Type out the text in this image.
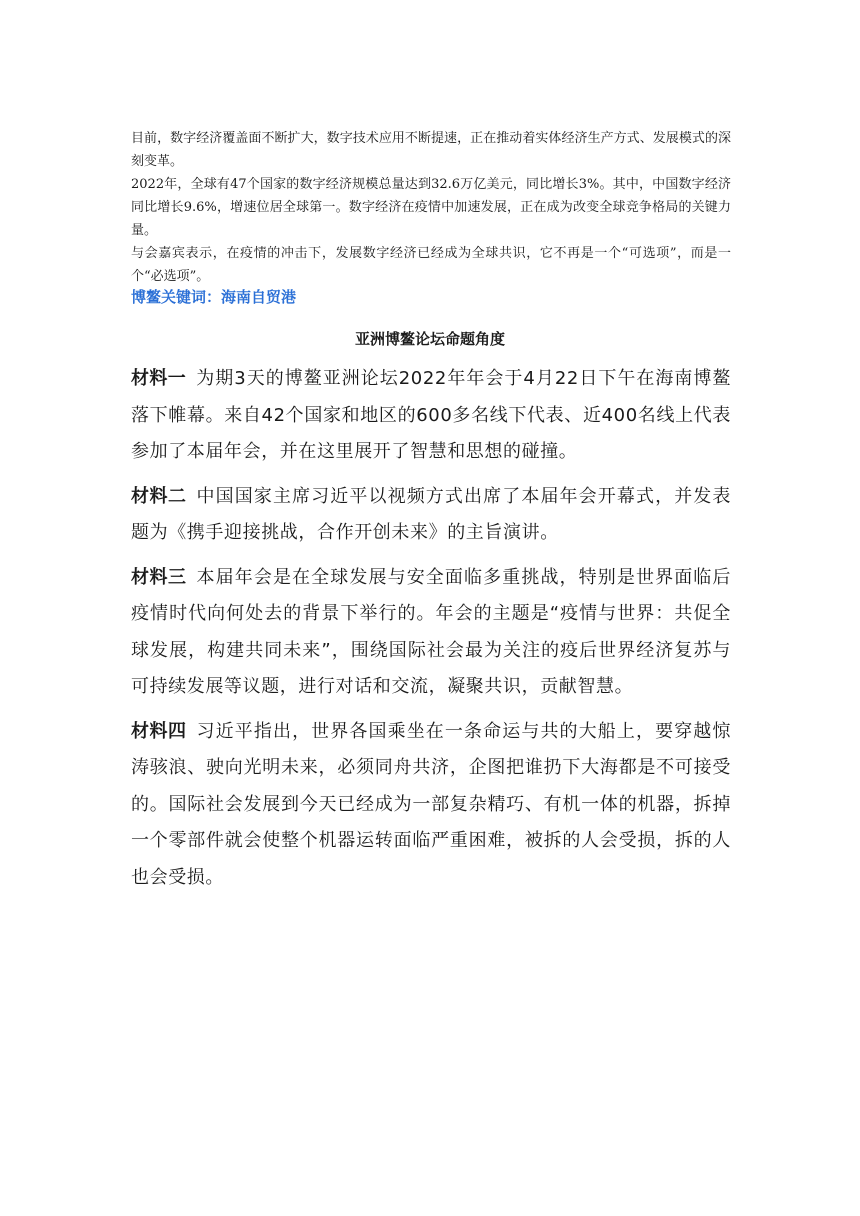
目前，数字经济覆盖面不断扩大，数字技术应用不断提速，正在推动着实体经济生产方式、发展模式的深刻变革。

2022年，全球有47个国家的数字经济规模总量达到32.6万亿美元，同比增长3%。其中，中国数字经济同比增长9.6%，增速位居全球第一。数字经济在疫情中加速发展，正在成为改变全球竞争格局的关键力量。

与会嘉宾表示，在疫情的冲击下，发展数字经济已经成为全球共识，它不再是一个“可选项”，而是一个“必选项”。

博鳌关键词：海南自贸港
亚洲博鳌论坛命题角度

材料一 为期3天的博鳌亚洲论坛2022年年会于4月22日下午在海南博鳌落下帷幕。来自42个国家和地区的600多名线下代表、近400名线上代表参加了本届年会，并在这里展开了智慧和思想的碰撞。

材料二 中国国家主席习近平以视频方式出席了本届年会开幕式，并发表题为《携手迎接挑战，合作开创未来》的主旨演讲。

材料三 本届年会是在全球发展与安全面临多重挑战，特别是世界面临后疫情时代向何处去的背景下举行的。年会的主题是“疫情与世界：共促全球发展，构建共同未来”，围绕国际社会最为关注的疫后世界经济复苏与可持续发展等议题，进行对话和交流，凝聚共识，贡献智慧。

材料四 习近平指出，世界各国乘坐在一条命运与共的大船上，要穿越惊涛骇浪、驶向光明未来，必须同舟共济，企图把谁扔下大海都是不可接受的。国际社会发展到今天已经成为一部复杂精巧、有机一体的机器，拆掉一个零部件就会使整个机器运转面临严重困难，被拆的人会受损，拆的人也会受损。
